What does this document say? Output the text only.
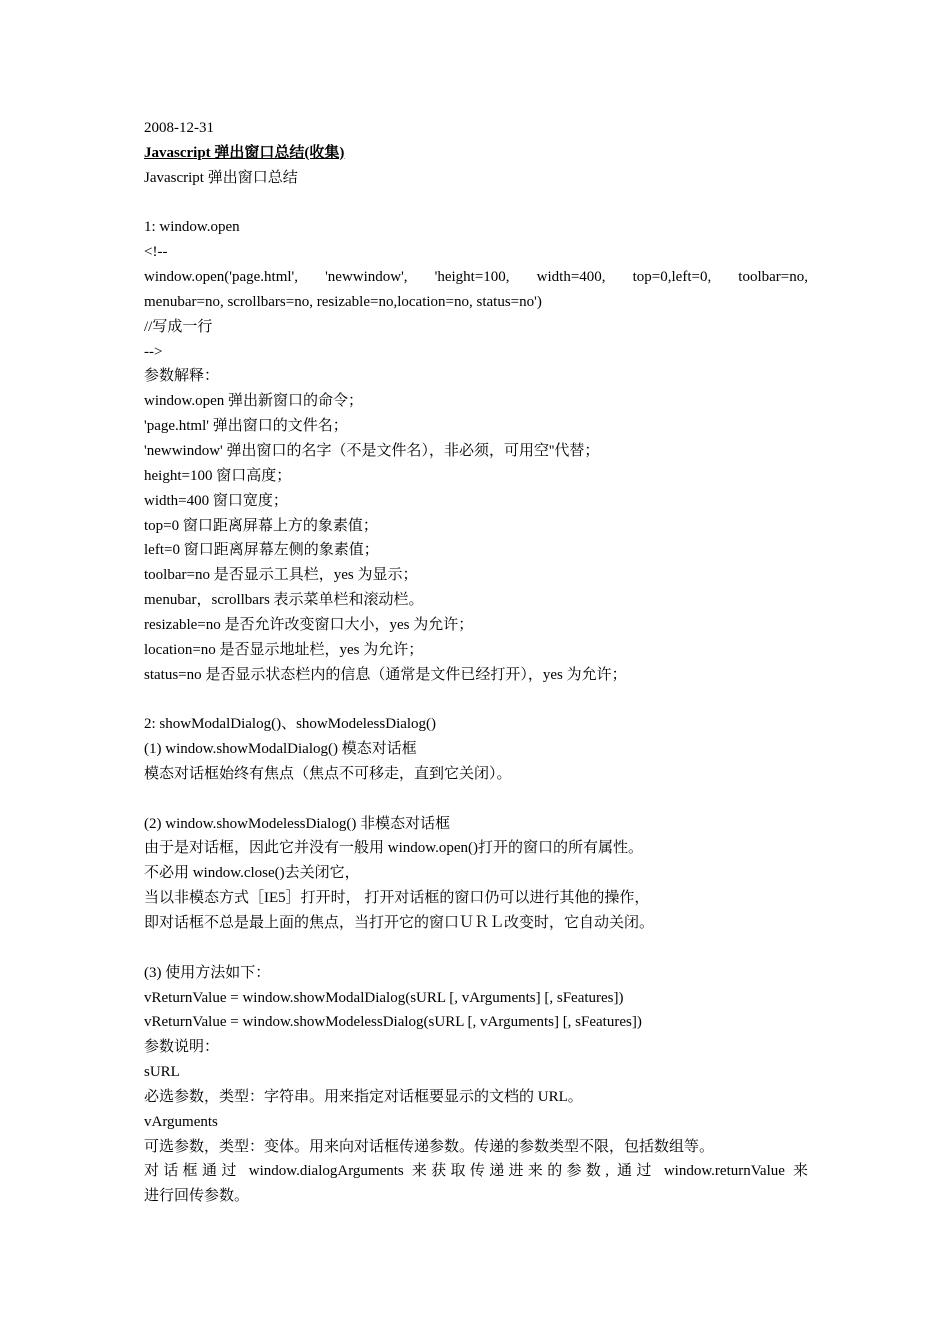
2008-12-31
Javascript 弹出窗口总结(收集)
Javascript 弹出窗口总结
1: window.open
<!--
window.open('page.html', 'newwindow', 'height=100, width=400, top=0,left=0, toolbar=no,
menubar=no, scrollbars=no, resizable=no,location=no, status=no')
//写成一行
-->
参数解释：
window.open 弹出新窗口的命令；
'page.html' 弹出窗口的文件名；
'newwindow' 弹出窗口的名字（不是文件名），非必须，可用空''代替；
height=100 窗口高度；
width=400 窗口宽度；
top=0 窗口距离屏幕上方的象素值；
left=0 窗口距离屏幕左侧的象素值；
toolbar=no 是否显示工具栏，yes 为显示；
menubar，scrollbars 表示菜单栏和滚动栏。
resizable=no 是否允许改变窗口大小，yes 为允许；
location=no 是否显示地址栏，yes 为允许；
status=no 是否显示状态栏内的信息（通常是文件已经打开），yes 为允许；
2: showModalDialog()、showModelessDialog()
(1) window.showModalDialog() 模态对话框
模态对话框始终有焦点（焦点不可移走，直到它关闭）。
(2) window.showModelessDialog() 非模态对话框
由于是对话框，因此它并没有一般用 window.open()打开的窗口的所有属性。
不必用 window.close()去关闭它，
当以非模态方式［IE5］打开时， 打开对话框的窗口仍可以进行其他的操作，
即对话框不总是最上面的焦点，当打开它的窗口ＵＲＬ改变时，它自动关闭。
(3) 使用方法如下：
vReturnValue = window.showModalDialog(sURL [, vArguments] [, sFeatures])
vReturnValue = window.showModelessDialog(sURL [, vArguments] [, sFeatures])
参数说明：
sURL
必选参数，类型：字符串。用来指定对话框要显示的文档的 URL。
vArguments
可选参数，类型：变体。用来向对话框传递参数。传递的参数类型不限，包括数组等。
对话框通过 window.dialogArguments 来获取传递进来的参数, 通过 window.returnValue 来
进行回传参数。
